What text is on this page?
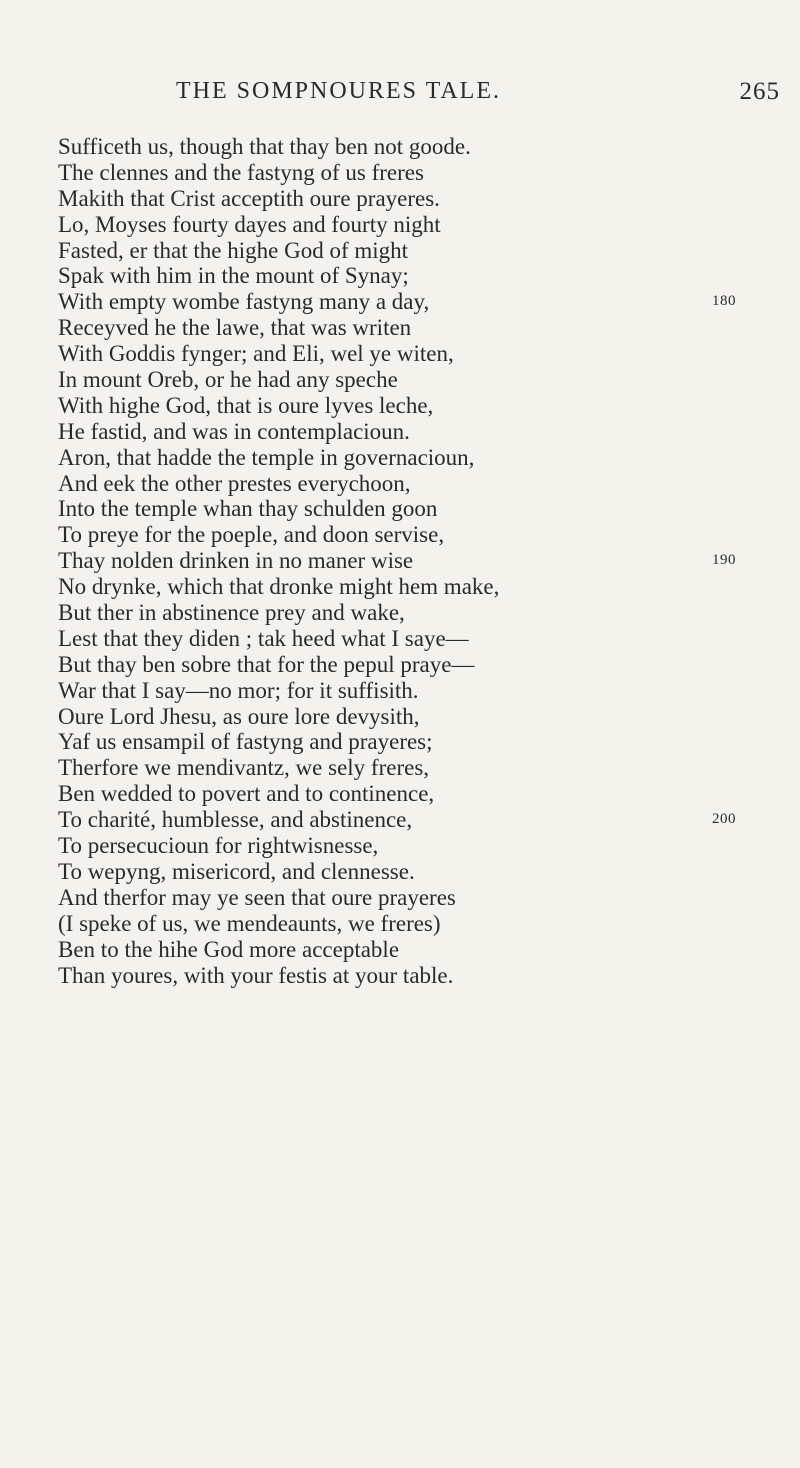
THE SOMPNOURES TALE.	265
Sufficeth us, though that thay ben not goode.
The clennes and the fastyng of us freres
Makith that Crist acceptith oure prayeres.
Lo, Moyses fourty dayes and fourty night
Fasted, er that the highe God of might
Spak with him in the mount of Synay;
With empty wombe fastyng many a day,
Receyved he the lawe, that was writen
With Goddis fynger; and Eli, wel ye witen,
In mount Oreb, or he had any speche
With highe God, that is oure lyves leche,
He fastid, and was in contemplacioun.
Aron, that hadde the temple in governacioun,
And eek the other prestes everychoon,
Into the temple whan thay schulden goon
To preye for the poeple, and doon servise,
Thay nolden drinken in no maner wise
No drynke, which that dronke might hem make,
But ther in abstinence prey and wake,
Lest that they diden ; tak heed what I saye—
But thay ben sobre that for the pepul praye—
War that I say—no mor; for it suffisith.
Oure Lord Jhesu, as oure lore devysith,
Yaf us ensampil of fastyng and prayeres;
Therfore we mendivantz, we sely freres,
Ben wedded to povert and to continence,
To charité, humblesse, and abstinence,
To persecucioun for rightwisnesse,
To wepyng, misericord, and clennesse.
And therfor may ye seen that oure prayeres
(I speke of us, we mendeaunts, we freres)
Ben to the hihe God more acceptable
Than youres, with your festis at your table.
180
190
200
